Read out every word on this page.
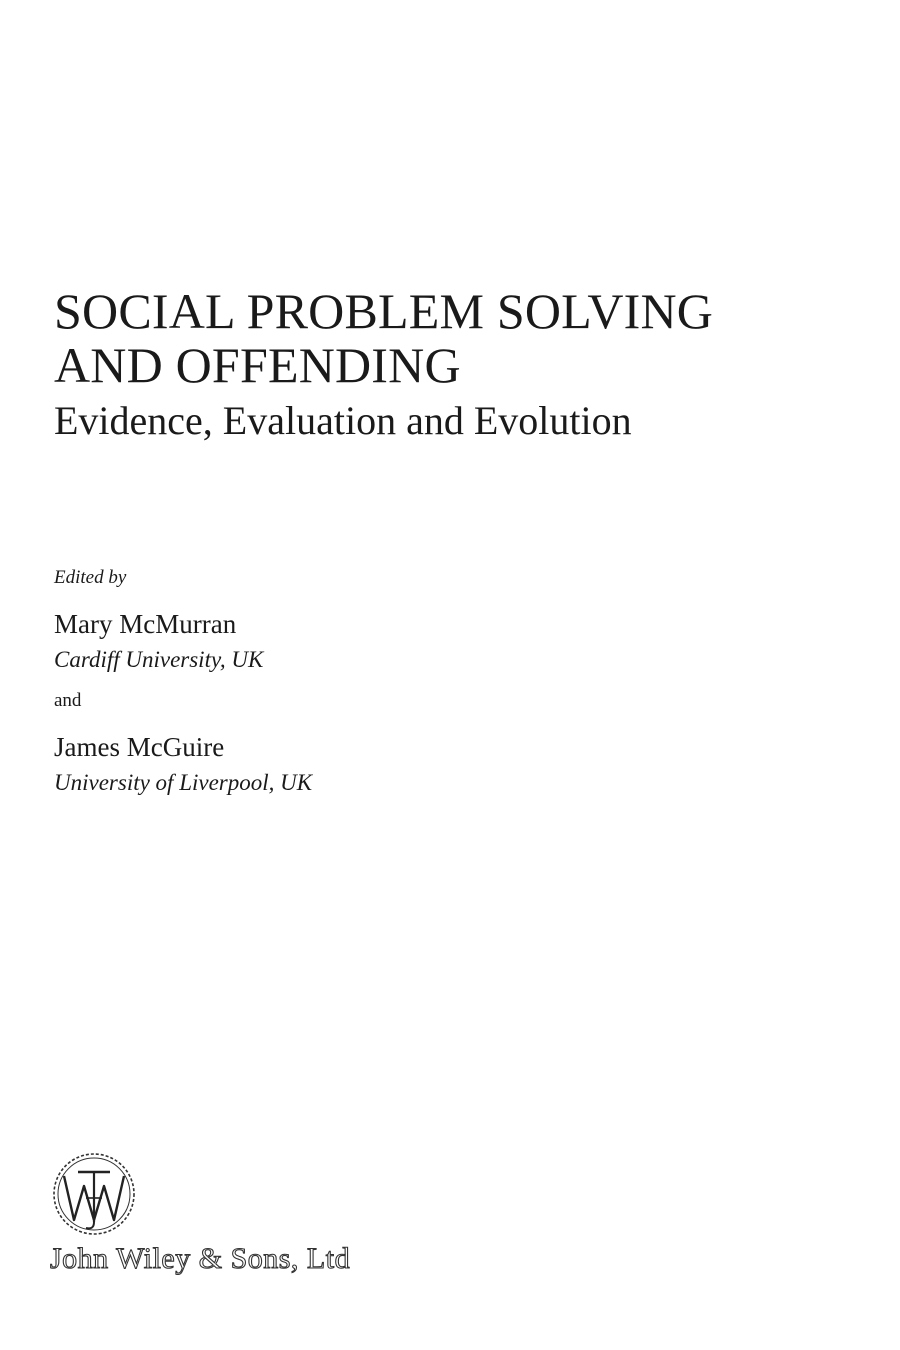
SOCIAL PROBLEM SOLVING
AND OFFENDING
Evidence, Evaluation and Evolution
Edited by
Mary McMurran
Cardiff University, UK
and
James McGuire
University of Liverpool, UK
John Wiley & Sons, Ltd
